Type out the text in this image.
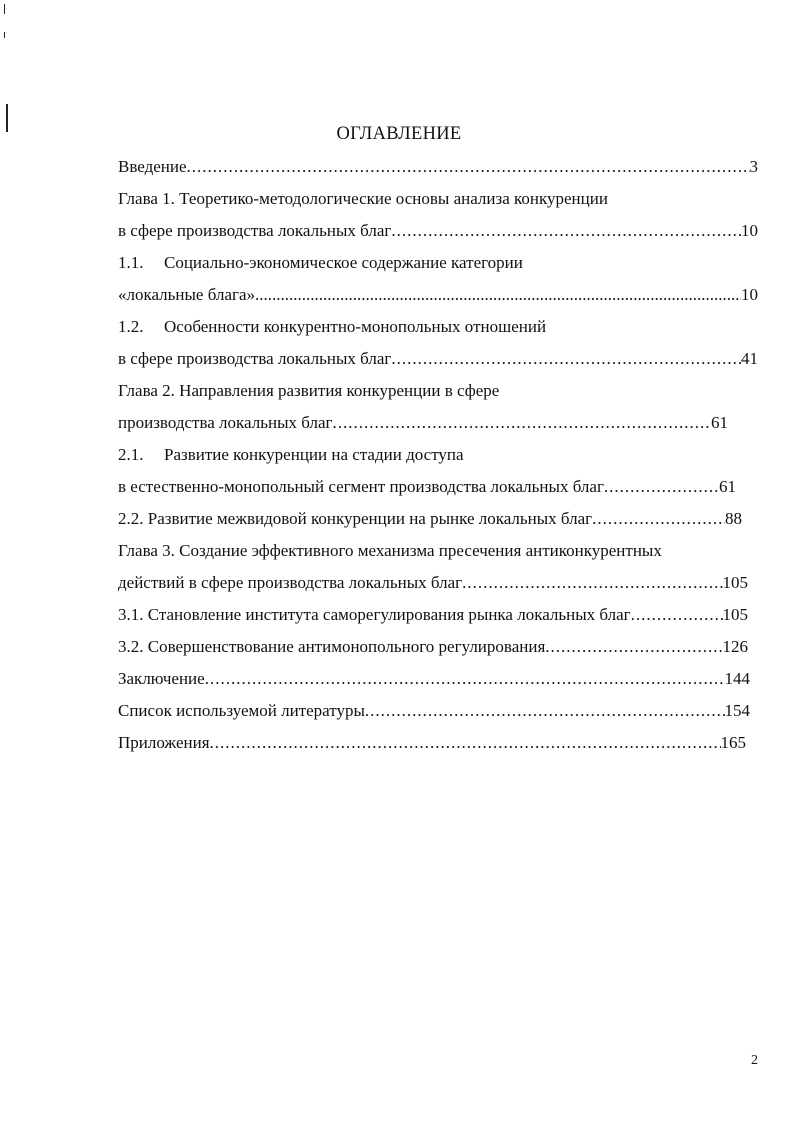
ОГЛАВЛЕНИЕ
Введение .....	3
Глава 1. Теоретико-методологические основы анализа конкуренции
в сфере производства локальных благ .....	10
1.1. Социально-экономическое содержание категории
«локальные блага» .....	10
1.2. Особенности конкурентно-монопольных отношений
в сфере производства локальных благ .....	41
Глава 2. Направления развития конкуренции в сфере
производства локальных благ .....	61
2.1. Развитие конкуренции на стадии доступа
в естественно-монопольный сегмент производства локальных благ .....	61
2.2. Развитие межвидовой конкуренции на рынке локальных благ .....	88
Глава 3. Создание эффективного механизма пресечения антиконкурентных
действий в сфере производства локальных благ .....	105
3.1. Становление института саморегулирования рынка локальных благ .....	105
3.2. Совершенствование антимонопольного регулирования .....	126
Заключение .....	144
Список используемой литературы .....	154
Приложения .....	165
2
